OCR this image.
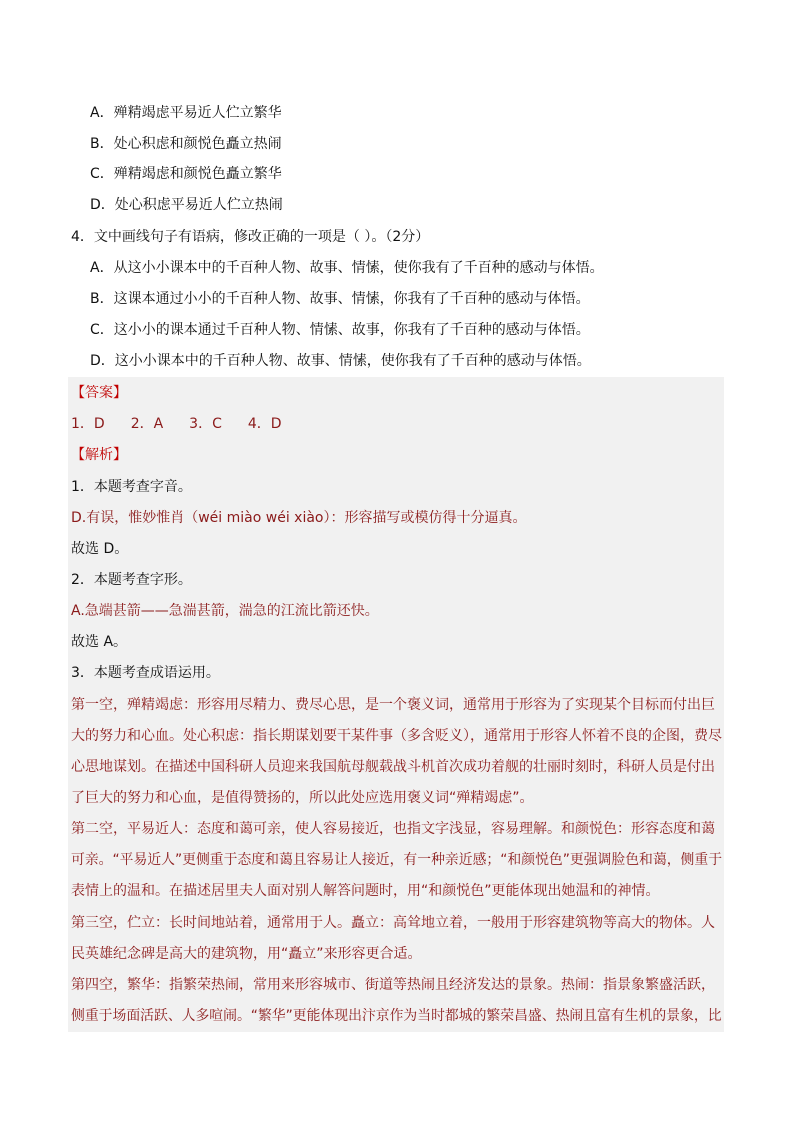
A．殚精竭虑平易近人伫立繁华
B．处心积虑和颜悦色矗立热闹
C．殚精竭虑和颜悦色矗立繁华
D．处心积虑平易近人伫立热闹
4．文中画线句子有语病，修改正确的一项是（ ）。（2分）
A．从这小小课本中的千百种人物、故事、情愫，使你我有了千百种的感动与体悟。
B．这课本通过小小的千百种人物、故事、情愫，你我有了千百种的感动与体悟。
C．这小小的课本通过千百种人物、情愫、故事，你我有了千百种的感动与体悟。
D．这小小课本中的千百种人物、故事、情愫，使你我有了千百种的感动与体悟。
【答案】
1．D 2．A 3．C 4．D
【解析】
1．本题考查字音。
D.有误，惟妙惟肖（wéi miào wéi xiào）：形容描写或模仿得十分逼真。
故选 D。
2．本题考查字形。
A.急端甚箭——急湍甚箭，湍急的江流比箭还快。
故选 A。
3．本题考查成语运用。
第一空，殚精竭虑：形容用尽精力、费尽心思，是一个褒义词，通常用于形容为了实现某个目标而付出巨
大的努力和心血。处心积虑：指长期谋划要干某件事（多含贬义），通常用于形容人怀着不良的企图，费尽
心思地谋划。在描述中国科研人员迎来我国航母舰载战斗机首次成功着舰的壮丽时刻时，科研人员是付出
了巨大的努力和心血，是值得赞扬的，所以此处应选用褒义词“殚精竭虑”。
第二空，平易近人：态度和蔼可亲，使人容易接近，也指文字浅显，容易理解。和颜悦色：形容态度和蔼
可亲。“平易近人”更侧重于态度和蔼且容易让人接近，有一种亲近感；“和颜悦色”更强调脸色和蔼，侧重于
表情上的温和。在描述居里夫人面对别人解答问题时，用“和颜悦色”更能体现出她温和的神情。
第三空，伫立：长时间地站着，通常用于人。矗立：高耸地立着，一般用于形容建筑物等高大的物体。人
民英雄纪念碑是高大的建筑物，用“矗立”来形容更合适。
第四空，繁华：指繁荣热闹，常用来形容城市、街道等热闹且经济发达的景象。热闹：指景象繁盛活跃，
侧重于场面活跃、人多喧闹。“繁华”更能体现出汴京作为当时都城的繁荣昌盛、热闹且富有生机的景象，比
